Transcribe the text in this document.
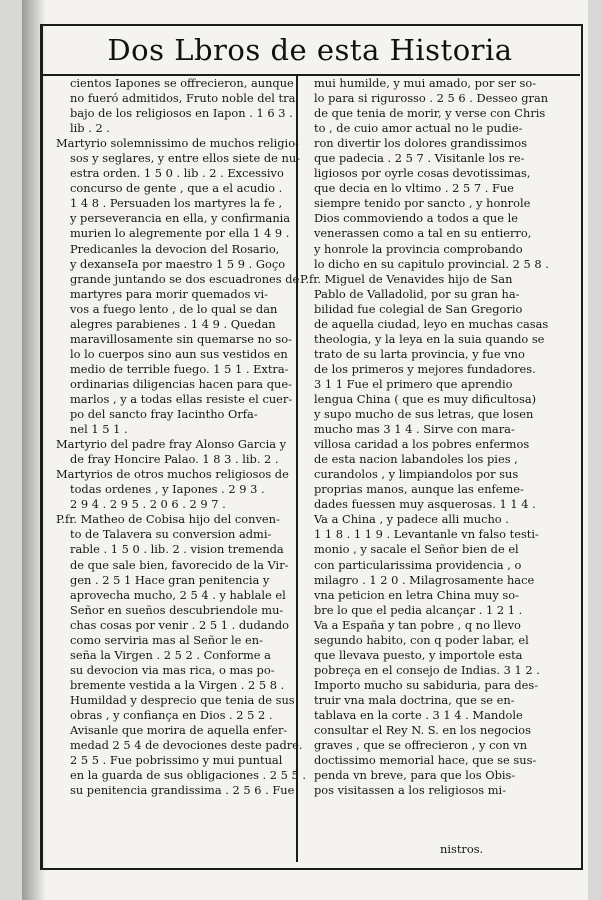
Dos Lbros de esta Historia
cientos Iapones se offrecieron, aunque
no fueró admitidos, Fruto noble del tra
bajo de los religiosos en Iapon . 1 6 3 .
lib . 2 .
Martyrio solemnissimo de muchos religio-
sos y seglares, y entre ellos siete de nu-
estra orden. 1 5 0 . lib . 2 . Excessivo
concurso de gente , que a el acudio .
1 4 8 . Persuaden los martyres la fe ,
y perseverancia en ella, y confirmania
murien lo alegremente por ella 1 4 9 .
Predicanles la devocion del Rosario,
y dexanseIa por maestro 1 5 9 . Goço
grande juntando se dos escuadrones de
martyres para morir quemados vi-
vos a fuego lento , de lo qual se dan
alegres parabienes . 1 4 9 . Quedan
maravillosamente sin quemarse no so-
lo lo cuerpos sino aun sus vestidos en
medio de terrible fuego. 1 5 1 . Extra-
ordinarias diligencias hacen para que-
marlos , y a todas ellas resiste el cuer-
po del sancto fray Iacintho Orfa-
nel 1 5 1 .
Martyrio del padre fray Alonso Garcia y
de fray Honcire Palao. 1 8 3 . lib. 2 .
Martyrios de otros muchos religiosos de
todas ordenes , y Iapones . 2 9 3 .
2 9 4 . 2 9 5 . 2 0 6 . 2 9 7 .
P.fr. Matheo de Cobisa hijo del conven-
to de Talavera su conversion admi-
rable . 1 5 0 . lib. 2 . vision tremenda
de que sale bien, favorecido de la Vir-
gen . 2 5 1 Hace gran penitencia y
aprovecha mucho, 2 5 4 . y hablale el
Señor en sueños descubriendole mu-
chas cosas por venir . 2 5 1 . dudando
como serviria mas al Señor le en-
seña la Virgen . 2 5 2 . Conforme a
su devocion via mas rica, o mas po-
bremente vestida a la Virgen . 2 5 8 .
Humildad y desprecio que tenia de sus
obras , y confiança en Dios . 2 5 2 .
Avisanle que morira de aquella enfer-
medad 2 5 4 de devociones deste padre.
2 5 5 . Fue pobrissimo y mui puntual
en la guarda de sus obligaciones . 2 5 5 .
su penitencia grandissima . 2 5 6 . Fue
mui humilde, y mui amado, por ser so-
lo para si rigurosso . 2 5 6 . Desseo gran
de que tenia de morir, y verse con Chris
to , de cuio amor actual no le pudie-
ron divertir los dolores grandissimos
que padecia . 2 5 7 . Visitanle los re-
ligiosos por oyrle cosas devotissimas,
que decia en lo vltimo . 2 5 7 . Fue
siempre tenido por sancto , y honrole
Dios commoviendo a todos a que le
venerassen como a tal en su entierro,
y honrole la provincia comprobando
lo dicho en su capitulo provincial. 2 5 8 .
P.fr. Miguel de Venavides hijo de San
Pablo de Valladolid, por su gran ha-
bilidad fue colegial de San Gregorio
de aquella ciudad, leyo en muchas casas
theologia, y la leya en la suia quando se
trato de su larta provincia, y fue vno
de los primeros y mejores fundadores.
3 1 1 Fue el primero que aprendio
lengua China ( que es muy dificultosa)
y supo mucho de sus letras, que losen
mucho mas 3 1 4 . Sirve con mara-
villosa caridad a los pobres enfermos
de esta nacion labandoles los pies ,
curandolos , y limpiandolos por sus
proprias manos, aunque las enfeme-
dades fuessen muy asquerosas. 1 1 4 .
Va a China , y padece alli mucho .
1 1 8 . 1 1 9 . Levantanle vn falso testi-
monio , y sacale el Señor bien de el
con particularissima providencia , o
milagro . 1 2 0 . Milagrosamente hace
vna peticion en letra China muy so-
bre lo que el pedia alcançar . 1 2 1 .
Va a España y tan pobre , q no llevo
segundo habito, con q poder labar, el
que llevava puesto, y importole esta
pobreça en el consejo de Indias. 3 1 2 .
Importo mucho su sabiduria, para des-
truir vna mala doctrina, que se en-
tablava en la corte . 3 1 4 . Mandole
consultar el Rey N. S. en los negocios
graves , que se offrecieron , y con vn
doctissimo memorial hace, que se sus-
penda vn breve, para que los Obis-
pos visitassen a los religiosos mi-
nistros.
